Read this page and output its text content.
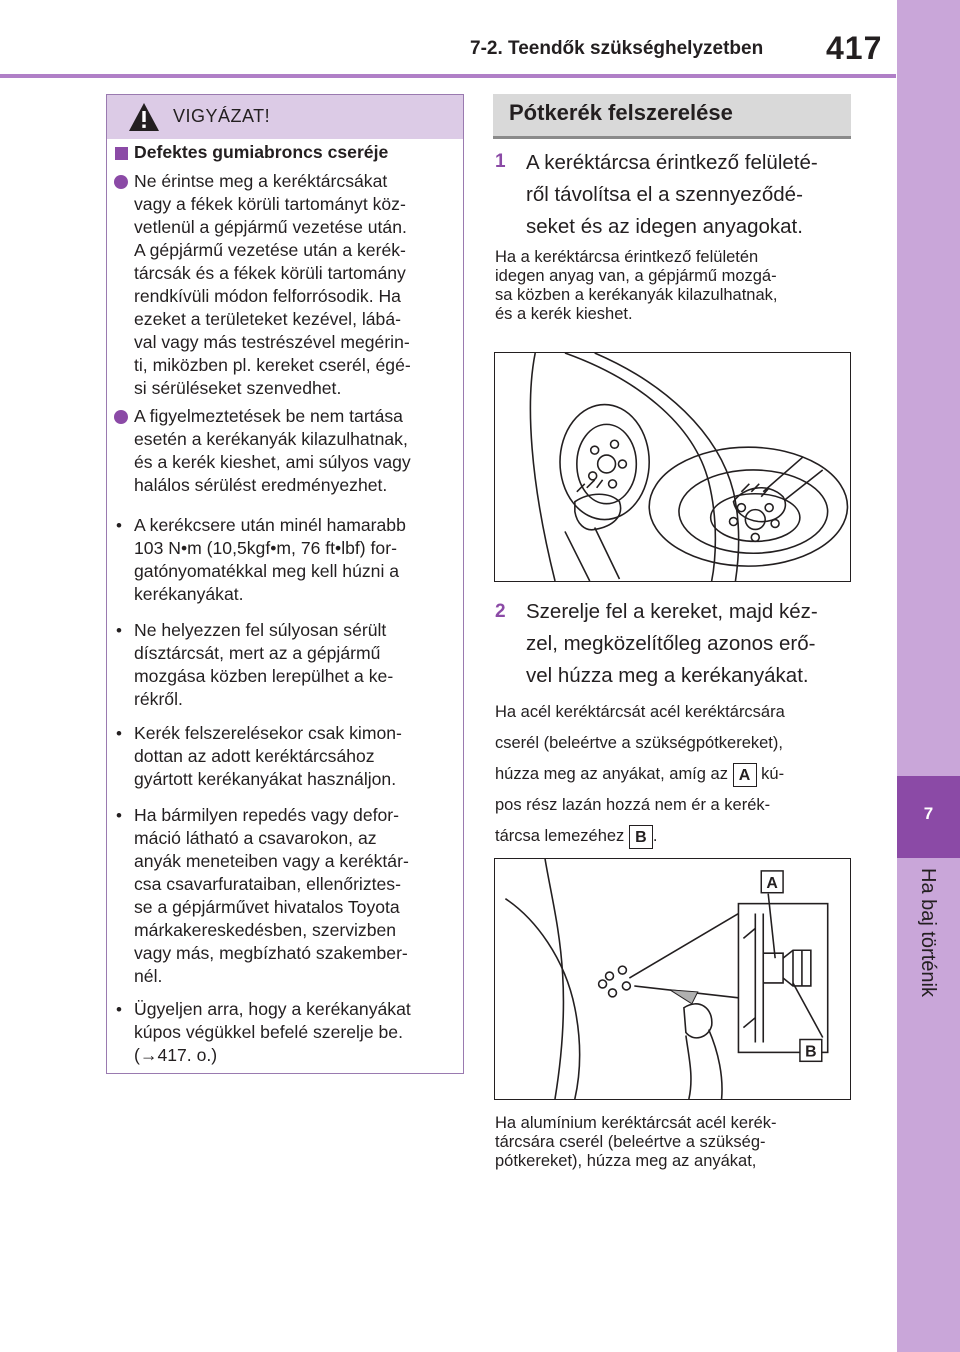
7-2. Teendők szükséghelyzetben 417
7
Ha baj történik
VIGYÁZAT!
Defektes gumiabroncs cseréje
Ne érintse meg a keréktárcsákat
vagy a fékek körüli tartományt köz-
vetlenül a gépjármű vezetése után.
A gépjármű vezetése után a kerék-
tárcsák és a fékek körüli tartomány
rendkívüli módon felforrósodik. Ha
ezeket a területeket kezével, lábá-
val vagy más testrészével megérin-
ti, miközben pl. kereket cserél, égé-
si sérüléseket szenvedhet.
A figyelmeztetések be nem tartása
esetén a kerékanyák kilazulhatnak,
és a kerék kieshet, ami súlyos vagy
halálos sérülést eredményezhet.
• A kerékcsere után minél hamarabb
103 N•m (10,5kgf•m, 76 ft•lbf) for-
gatónyomatékkal meg kell húzni a
kerékanyákat.
• Ne helyezzen fel súlyosan sérült
dísztárcsát, mert az a gépjármű
mozgása közben lerepülhet a ke-
rékről.
• Kerék felszerelésekor csak kimon-
dottan az adott keréktárcsához
gyártott kerékanyákat használjon.
• Ha bármilyen repedés vagy defor-
máció látható a csavarokon, az
anyák meneteiben vagy a keréktár-
csa csavarfurataiban, ellenőriztes-
se a gépjárművet hivatalos Toyota
márkakereskedésben, szervizben
vagy más, megbízható szakember-
nél.
• Ügyeljen arra, hogy a kerékanyákat
kúpos végükkel befelé szerelje be.
(→417. o.)
Pótkerék felszerelése
1 A keréktárcsa érintkező felületé-
ről távolítsa el a szennyeződé-
seket és az idegen anyagokat.
Ha a keréktárcsa érintkező felületén
idegen anyag van, a gépjármű mozgá-
sa közben a kerékanyák kilazulhatnak,
és a kerék kieshet.
2 Szerelje fel a kereket, majd kéz-
zel, megközelítőleg azonos erő-
vel húzza meg a kerékanyákat.
Ha acél keréktárcsát acél keréktárcsára
cserél (beleértve a szükségpótkereket),
húzza meg az anyákat, amíg az A kú-
pos rész lazán hozzá nem ér a kerék-
tárcsa lemezéhez B .
A
B
Ha alumínium keréktárcsát acél kerék-
tárcsára cserél (beleértve a szükség-
pótkereket), húzza meg az anyákat,
